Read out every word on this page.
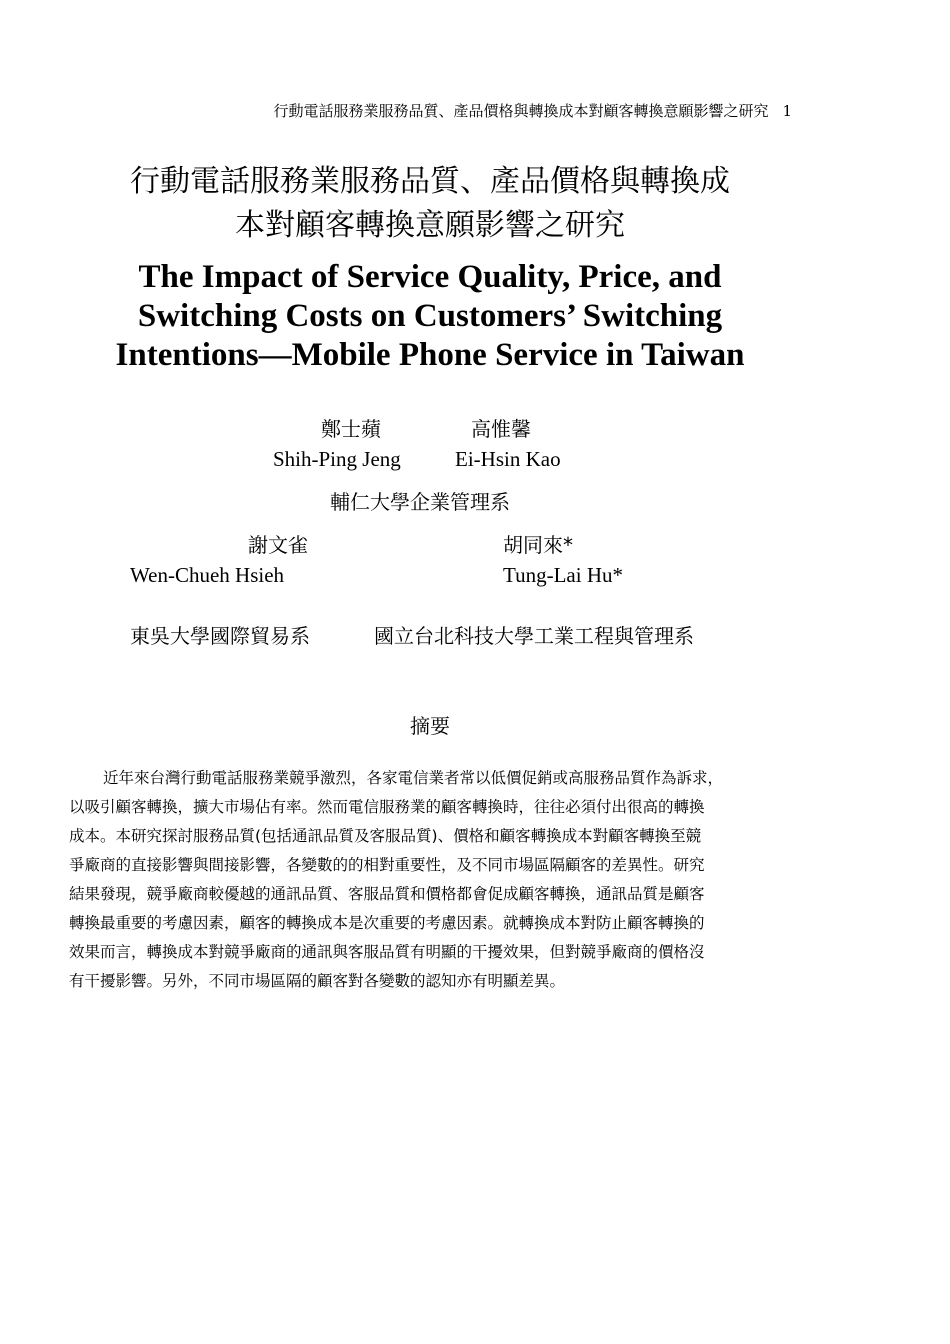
行動電話服務業服務品質、產品價格與轉換成本對顧客轉換意願影響之研究 1
行動電話服務業服務品質、產品價格與轉換成
本對顧客轉換意願影響之研究
The Impact of Service Quality, Price, and
Switching Costs on Customers’ Switching
Intentions—Mobile Phone Service in Taiwan
鄭士蘋	高惟馨
Shih-Ping Jeng	Ei-Hsin Kao
輔仁大學企業管理系
謝文雀	胡同來*
Wen-Chueh Hsieh	Tung-Lai Hu*
東吳大學國際貿易系	國立台北科技大學工業工程與管理系
摘要
近年來台灣行動電話服務業競爭激烈，各家電信業者常以低價促銷或高服務品質作為訴求，
以吸引顧客轉換，擴大市場佔有率。然而電信服務業的顧客轉換時，往往必須付出很高的轉換
成本。本研究探討服務品質(包括通訊品質及客服品質)、價格和顧客轉換成本對顧客轉換至競
爭廠商的直接影響與間接影響，各變數的的相對重要性，及不同市場區隔顧客的差異性。研究
結果發現，競爭廠商較優越的通訊品質、客服品質和價格都會促成顧客轉換，通訊品質是顧客
轉換最重要的考慮因素，顧客的轉換成本是次重要的考慮因素。就轉換成本對防止顧客轉換的
效果而言，轉換成本對競爭廠商的通訊與客服品質有明顯的干擾效果，但對競爭廠商的價格沒
有干擾影響。另外，不同市場區隔的顧客對各變數的認知亦有明顯差異。
